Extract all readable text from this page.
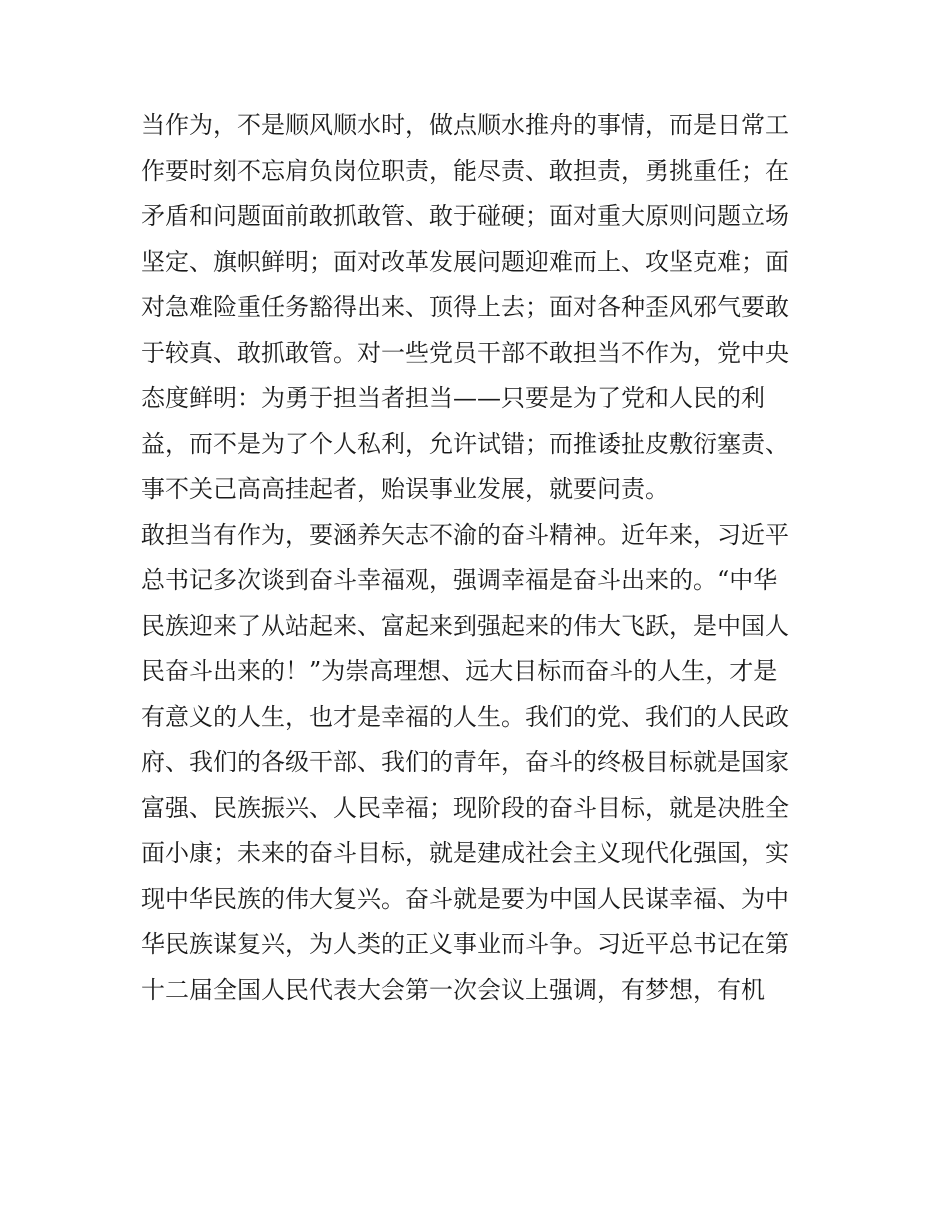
当作为，不是顺风顺水时，做点顺水推舟的事情，而是日常工
作要时刻不忘肩负岗位职责，能尽责、敢担责，勇挑重任；在
矛盾和问题面前敢抓敢管、敢于碰硬；面对重大原则问题立场
坚定、旗帜鲜明；面对改革发展问题迎难而上、攻坚克难；面
对急难险重任务豁得出来、顶得上去；面对各种歪风邪气要敢
于较真、敢抓敢管。对一些党员干部不敢担当不作为，党中央
态度鲜明：为勇于担当者担当——只要是为了党和人民的利
益，而不是为了个人私利，允许试错；而推诿扯皮敷衍塞责、
事不关己高高挂起者，贻误事业发展，就要问责。
敢担当有作为，要涵养矢志不渝的奋斗精神。近年来，习近平
总书记多次谈到奋斗幸福观，强调幸福是奋斗出来的。“中华
民族迎来了从站起来、富起来到强起来的伟大飞跃，是中国人
民奋斗出来的！”为崇高理想、远大目标而奋斗的人生，才是
有意义的人生，也才是幸福的人生。我们的党、我们的人民政
府、我们的各级干部、我们的青年，奋斗的终极目标就是国家
富强、民族振兴、人民幸福；现阶段的奋斗目标，就是决胜全
面小康；未来的奋斗目标，就是建成社会主义现代化强国，实
现中华民族的伟大复兴。奋斗就是要为中国人民谋幸福、为中
华民族谋复兴，为人类的正义事业而斗争。习近平总书记在第
十二届全国人民代表大会第一次会议上强调，有梦想，有机
